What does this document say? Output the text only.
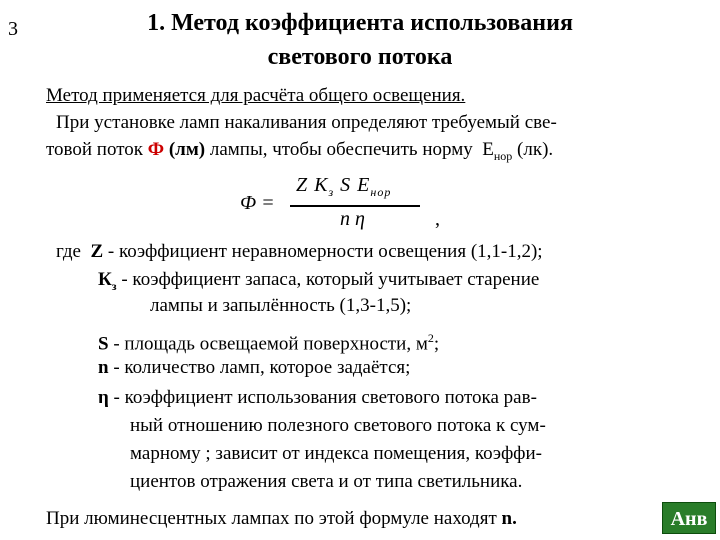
3	1. Метод коэффициента использования
светового потока
Метод применяется для расчёта общего освещения.
При установке ламп накаливания определяют требуемый све-
товой поток Ф (лм) лампы, чтобы обеспечить норму $Е_{нор}$ (лк).
Ф =
Z $K_з$ S $E_{нор}$
n η	,
где Z - коэффициент неравномерности освещения (1,1-1,2);
$К_з$ - коэффициент запаса, который учитывает старение
лампы и запылённость (1,3-1,5);
S - площадь освещаемой поверхности, $м^2$;
n - количество ламп, которое задаётся;
η - коэффициент использования светового потока рав-
ный отношению полезного светового потока к сум-
марному ; зависит от индекса помещения, коэффи-
циентов отражения света и от типа светильника.
При люминесцентных лампах по этой формуле находят n.	Анв
